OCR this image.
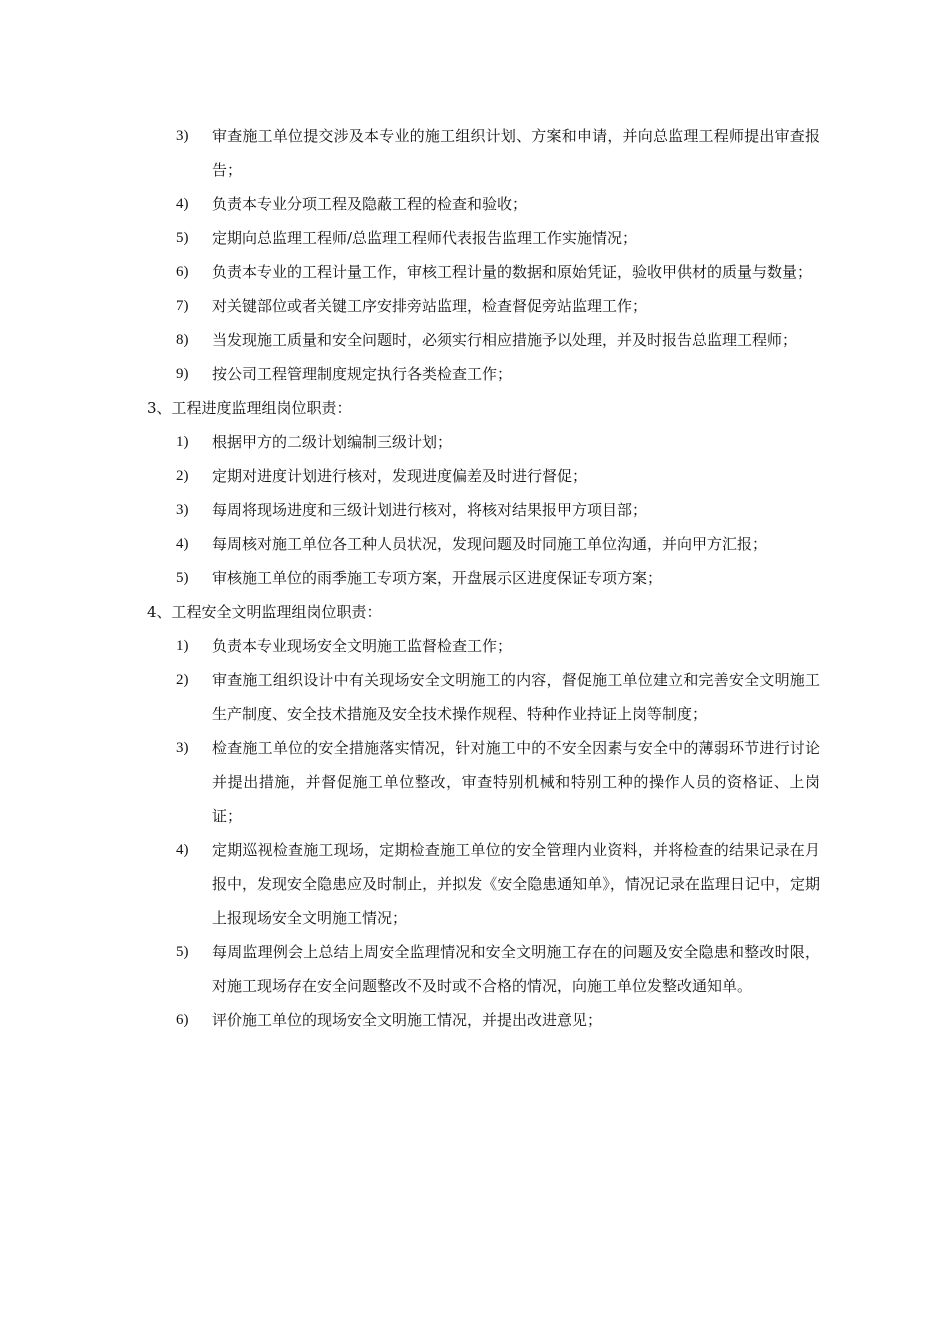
3)	审查施工单位提交涉及本专业的施工组织计划、方案和申请，并向总监理工程师提出审查报告；
4)	负责本专业分项工程及隐蔽工程的检查和验收；
5)	定期向总监理工程师/总监理工程师代表报告监理工作实施情况；
6)	负责本专业的工程计量工作，审核工程计量的数据和原始凭证，验收甲供材的质量与数量；
7)	对关键部位或者关键工序安排旁站监理，检查督促旁站监理工作；
8)	当发现施工质量和安全问题时，必须实行相应措施予以处理，并及时报告总监理工程师；
9)	按公司工程管理制度规定执行各类检查工作；
3、工程进度监理组岗位职责：
1)	根据甲方的二级计划编制三级计划；
2)	定期对进度计划进行核对，发现进度偏差及时进行督促；
3)	每周将现场进度和三级计划进行核对，将核对结果报甲方项目部；
4)	每周核对施工单位各工种人员状况，发现问题及时同施工单位沟通，并向甲方汇报；
5)	审核施工单位的雨季施工专项方案，开盘展示区进度保证专项方案；
4、工程安全文明监理组岗位职责：
1)	负责本专业现场安全文明施工监督检查工作；
2)	审查施工组织设计中有关现场安全文明施工的内容，督促施工单位建立和完善安全文明施工生产制度、安全技术措施及安全技术操作规程、特种作业持证上岗等制度；
3)	检查施工单位的安全措施落实情况，针对施工中的不安全因素与安全中的薄弱环节进行讨论并提出措施，并督促施工单位整改，审查特别机械和特别工种的操作人员的资格证、上岗证；
4)	定期巡视检查施工现场，定期检查施工单位的安全管理内业资料，并将检查的结果记录在月报中，发现安全隐患应及时制止，并拟发《安全隐患通知单》，情况记录在监理日记中，定期上报现场安全文明施工情况；
5)	每周监理例会上总结上周安全监理情况和安全文明施工存在的问题及安全隐患和整改时限，对施工现场存在安全问题整改不及时或不合格的情况，向施工单位发整改通知单。
6)	评价施工单位的现场安全文明施工情况，并提出改进意见；
